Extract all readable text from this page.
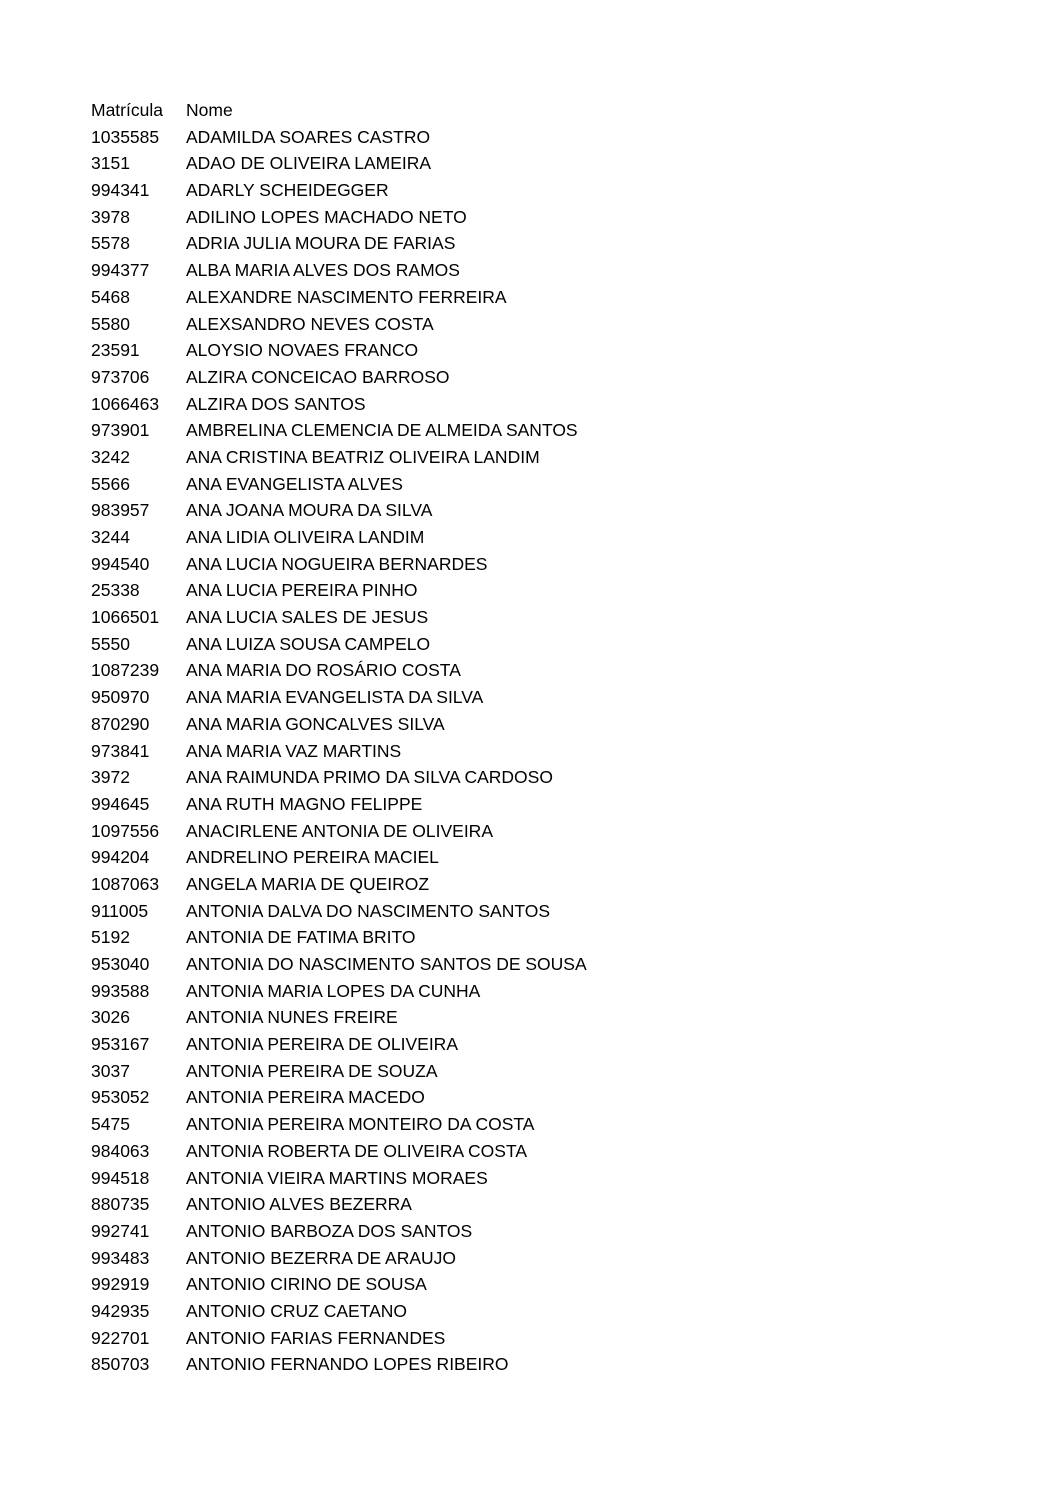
Matrícula	Nome
1035585	ADAMILDA SOARES CASTRO
3151	ADAO DE OLIVEIRA LAMEIRA
994341	ADARLY SCHEIDEGGER
3978	ADILINO LOPES MACHADO NETO
5578	ADRIA JULIA MOURA DE FARIAS
994377	ALBA MARIA ALVES DOS RAMOS
5468	ALEXANDRE NASCIMENTO FERREIRA
5580	ALEXSANDRO NEVES COSTA
23591	ALOYSIO NOVAES FRANCO
973706	ALZIRA CONCEICAO BARROSO
1066463	ALZIRA DOS SANTOS
973901	AMBRELINA CLEMENCIA DE ALMEIDA SANTOS
3242	ANA CRISTINA BEATRIZ OLIVEIRA LANDIM
5566	ANA EVANGELISTA ALVES
983957	ANA JOANA MOURA DA SILVA
3244	ANA LIDIA OLIVEIRA LANDIM
994540	ANA LUCIA NOGUEIRA BERNARDES
25338	ANA LUCIA PEREIRA PINHO
1066501	ANA LUCIA SALES DE JESUS
5550	ANA LUIZA SOUSA CAMPELO
1087239	ANA MARIA DO ROSÁRIO COSTA
950970	ANA MARIA EVANGELISTA DA SILVA
870290	ANA MARIA GONCALVES SILVA
973841	ANA MARIA VAZ MARTINS
3972	ANA RAIMUNDA PRIMO DA SILVA CARDOSO
994645	ANA RUTH MAGNO FELIPPE
1097556	ANACIRLENE ANTONIA DE OLIVEIRA
994204	ANDRELINO PEREIRA MACIEL
1087063	ANGELA MARIA DE QUEIROZ
911005	ANTONIA DALVA DO NASCIMENTO SANTOS
5192	ANTONIA DE FATIMA BRITO
953040	ANTONIA DO NASCIMENTO SANTOS DE SOUSA
993588	ANTONIA MARIA LOPES DA CUNHA
3026	ANTONIA NUNES FREIRE
953167	ANTONIA PEREIRA DE OLIVEIRA
3037	ANTONIA PEREIRA DE SOUZA
953052	ANTONIA PEREIRA MACEDO
5475	ANTONIA PEREIRA MONTEIRO DA COSTA
984063	ANTONIA ROBERTA DE OLIVEIRA COSTA
994518	ANTONIA VIEIRA MARTINS MORAES
880735	ANTONIO ALVES BEZERRA
992741	ANTONIO BARBOZA DOS SANTOS
993483	ANTONIO BEZERRA DE ARAUJO
992919	ANTONIO CIRINO DE SOUSA
942935	ANTONIO CRUZ CAETANO
922701	ANTONIO FARIAS FERNANDES
850703	ANTONIO FERNANDO LOPES RIBEIRO
